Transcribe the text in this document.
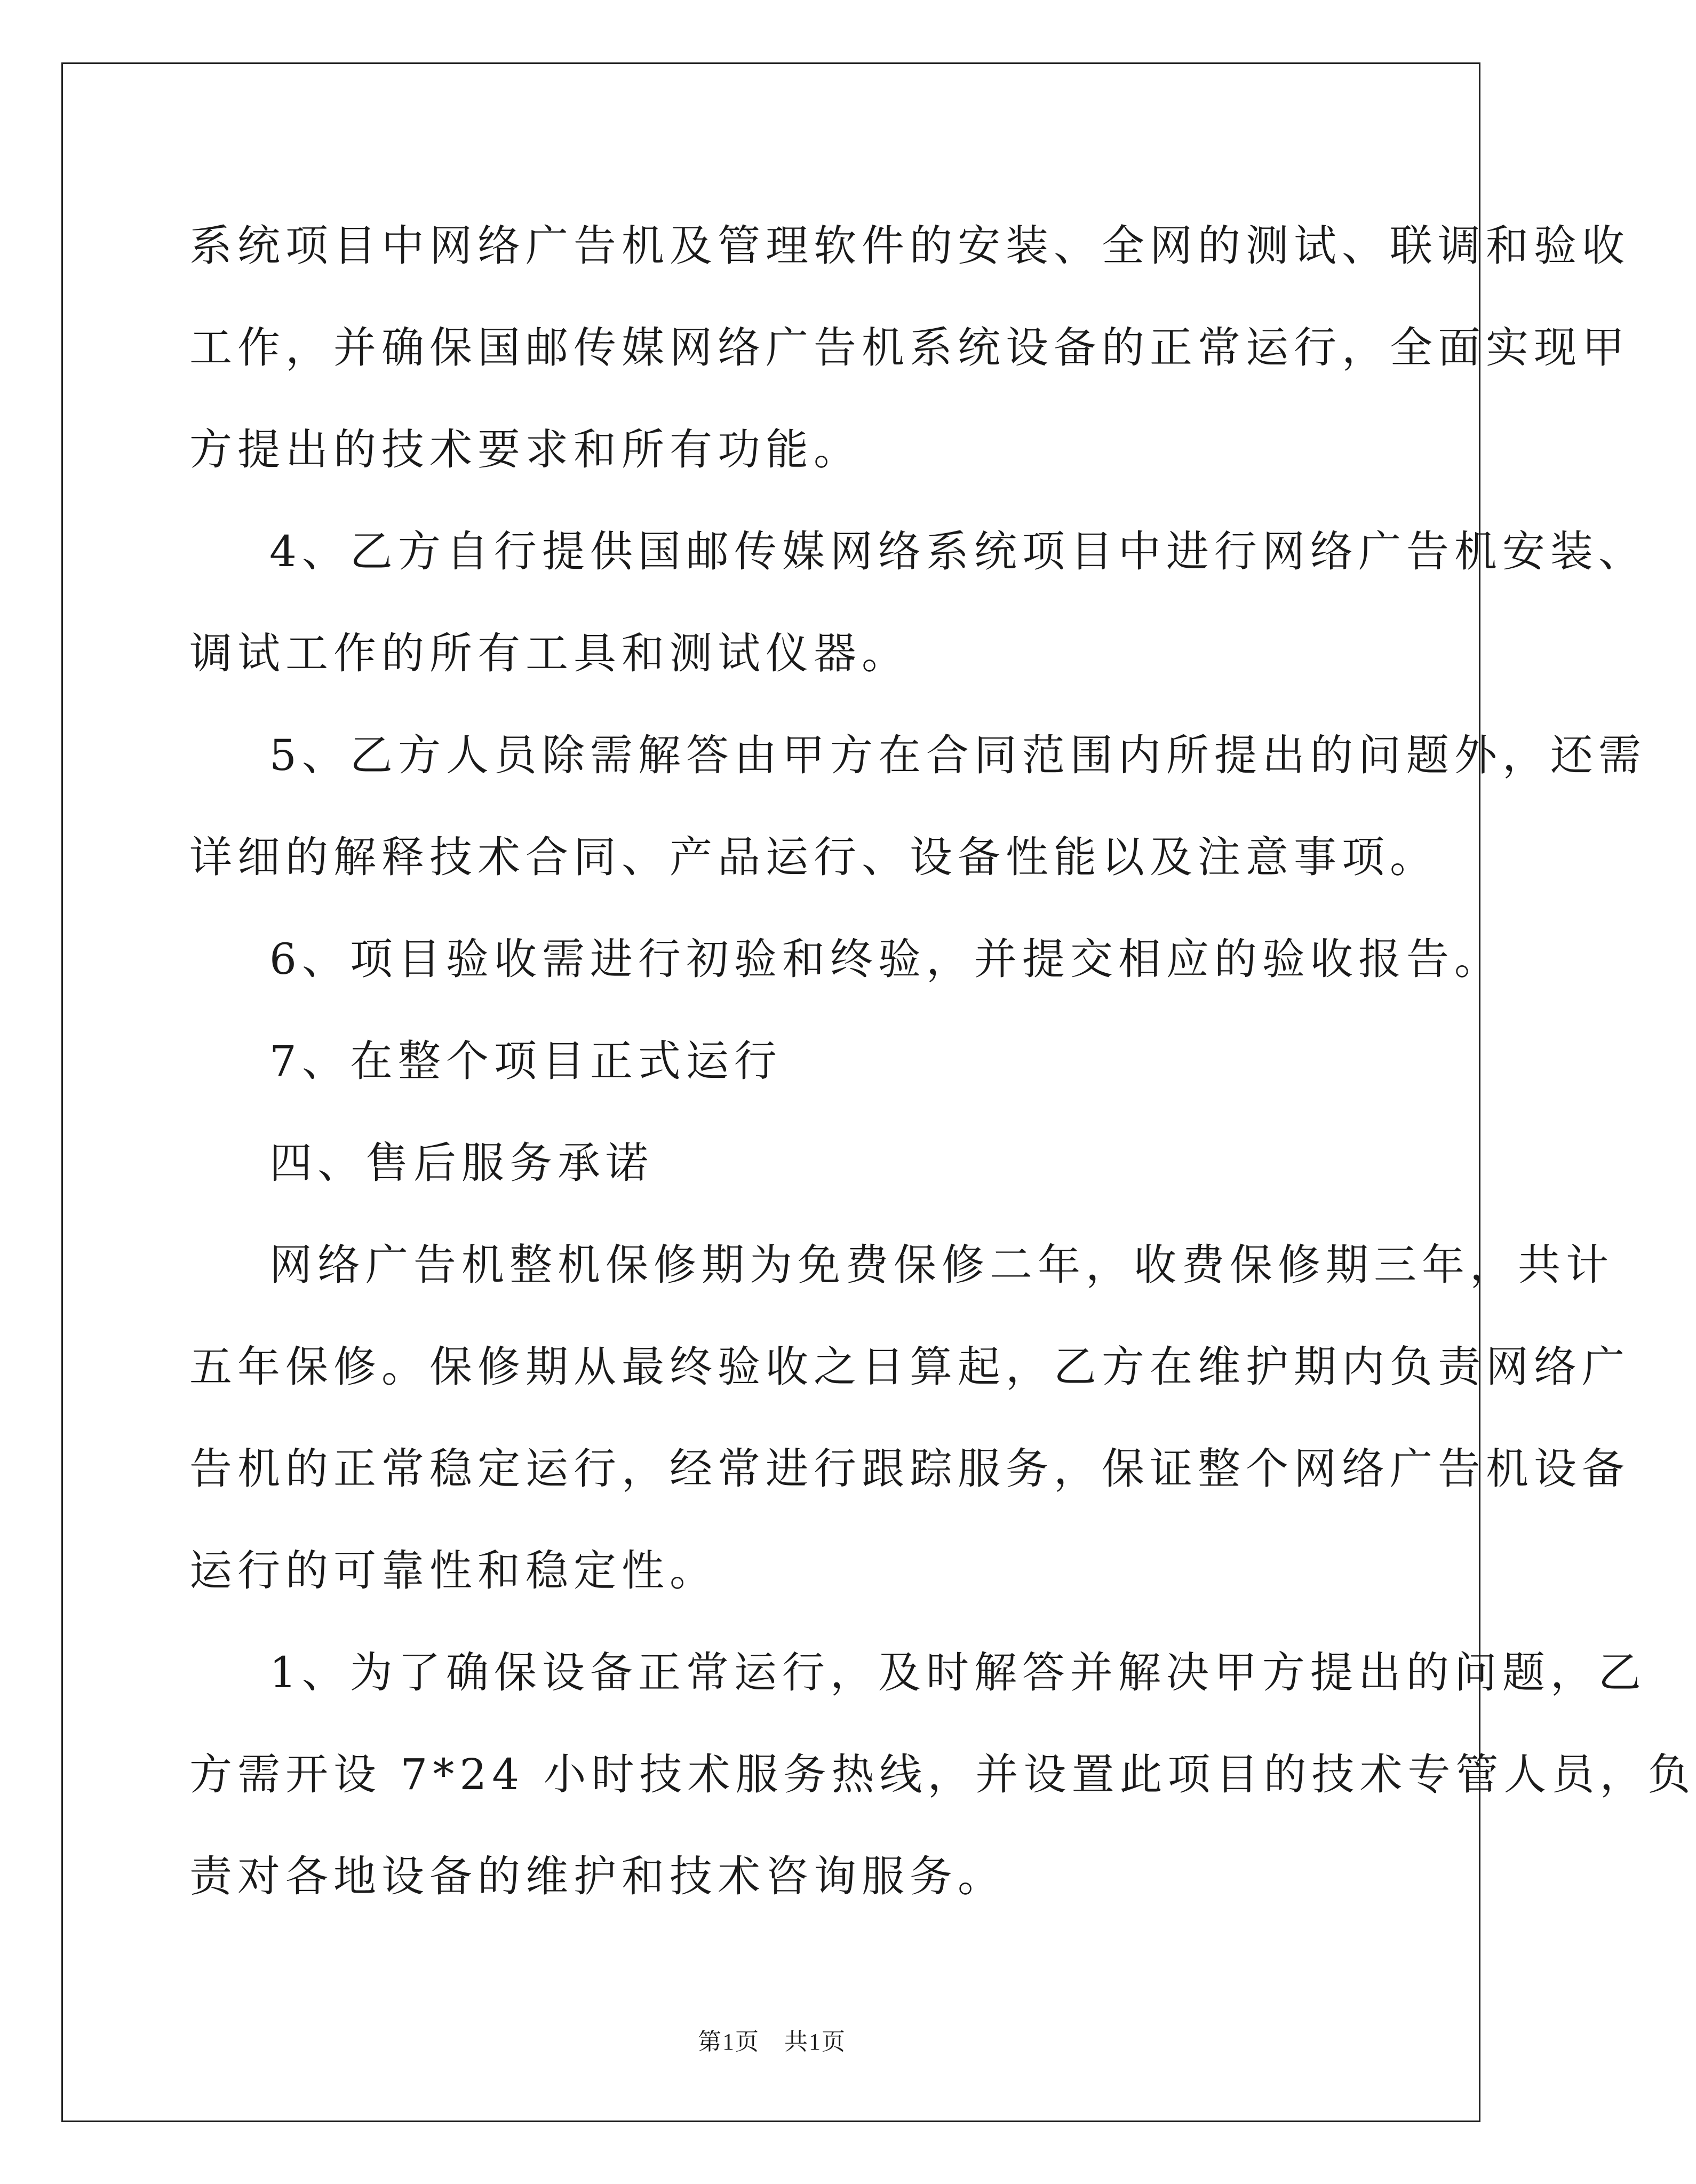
系统项目中网络广告机及管理软件的安装、全网的测试、联调和验收

工作，并确保国邮传媒网络广告机系统设备的正常运行，全面实现甲

方提出的技术要求和所有功能。

4、乙方自行提供国邮传媒网络系统项目中进行网络广告机安装、

调试工作的所有工具和测试仪器。

5、乙方人员除需解答由甲方在合同范围内所提出的问题外，还需

详细的解释技术合同、产品运行、设备性能以及注意事项。

6、项目验收需进行初验和终验，并提交相应的验收报告。

7、在整个项目正式运行

四、售后服务承诺

网络广告机整机保修期为免费保修二年，收费保修期三年，共计

五年保修。保修期从最终验收之日算起，乙方在维护期内负责网络广

告机的正常稳定运行，经常进行跟踪服务，保证整个网络广告机设备

运行的可靠性和稳定性。

1、为了确保设备正常运行，及时解答并解决甲方提出的问题，乙

方需开设 7*24 小时技术服务热线，并设置此项目的技术专管人员，负

责对各地设备的维护和技术咨询服务。

第1页　共1页
